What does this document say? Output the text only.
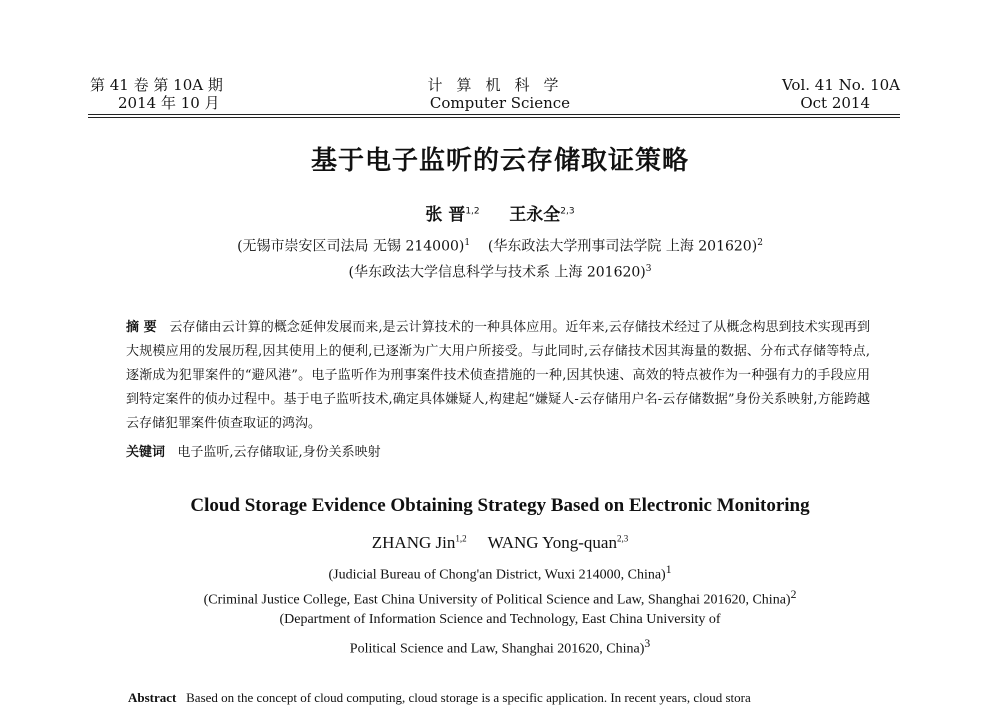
第 41 卷 第 10A 期
2014 年 10 月
计算机科学
Computer Science
Vol. 41 No. 10A
Oct 2014
基于电子监听的云存储取证策略
张 晋$^{1,2}$ 王永全$^{2,3}$
(无锡市崇安区司法局 无锡 214000)$^1$ (华东政法大学刑事司法学院 上海 201620)$^2$
(华东政法大学信息科学与技术系 上海 201620)$^3$
摘 要 云存储由云计算的概念延伸发展而来,是云计算技术的一种具体应用。近年来,云存储技术经过了从概念构思到技术实现再到大规模应用的发展历程,因其使用上的便利,已逐渐为广大用户所接受。与此同时,云存储技术因其海量的数据、分布式存储等特点,逐渐成为犯罪案件的“避风港”。电子监听作为刑事案件技术侦查措施的一种,因其快速、高效的特点被作为一种强有力的手段应用到特定案件的侦办过程中。基于电子监听技术,确定具体嫌疑人,构建起“嫌疑人-云存储用户名-云存储数据”身份关系映射,方能跨越云存储犯罪案件侦查取证的鸿沟。
关键词 电子监听,云存储取证,身份关系映射
Cloud Storage Evidence Obtaining Strategy Based on Electronic Monitoring
ZHANG Jin$^{1,2}$ WANG Yong-quan$^{2,3}$
(Judicial Bureau of Chong'an District, Wuxi 214000, China)$^1$
(Criminal Justice College, East China University of Political Science and Law, Shanghai 201620, China)$^2$
(Department of Information Science and Technology, East China University of
Political Science and Law, Shanghai 201620, China)$^3$
Abstract Based on the concept of cloud computing, cloud storage is a specific application. In recent years, cloud stora
